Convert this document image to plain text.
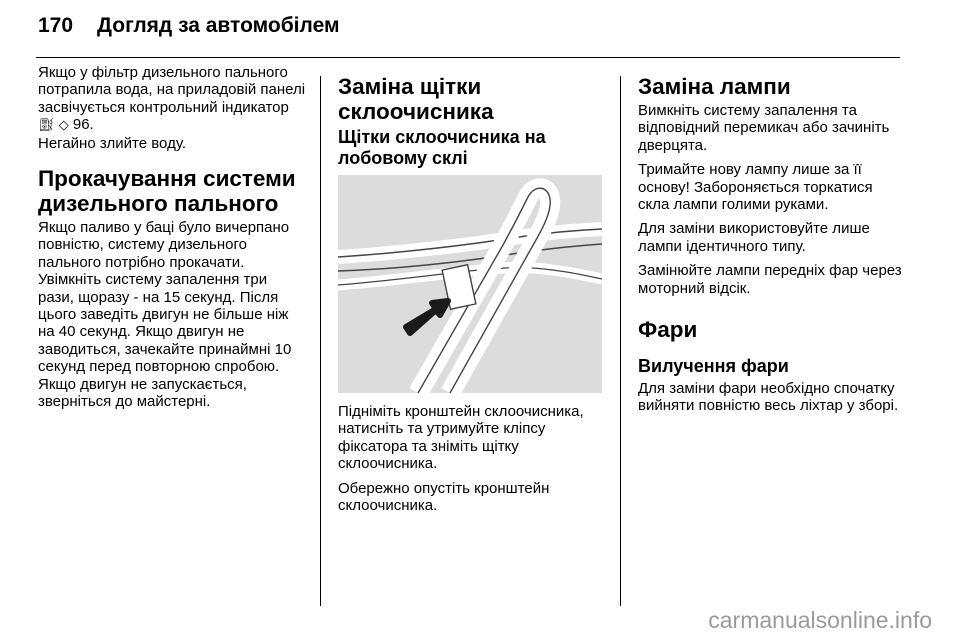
170 Догляд за автомобілем

Якщо у фільтр дизельного пального потрапила вода, на приладовій панелі засвічується контрольний індикатор ⛽︎ ◇ 96.
Негайно злийте воду.

Прокачування системи дизельного пального

Якщо паливо у баці було вичерпано повністю, систему дизельного пального потрібно прокачати. Увімкніть систему запалення три рази, щоразу - на 15 секунд. Після цього заведіть двигун не більше ніж на 40 секунд. Якщо двигун не заводиться, зачекайте принаймні 10 секунд перед повторною спробою. Якщо двигун не запускається, зверніться до майстерні.

Заміна щітки склоочисника
Щітки склоочисника на лобовому склі

Підніміть кронштейн склоочисника, натисніть та утримуйте кліпсу фіксатора та зніміть щітку склоочисника.

Обережно опустіть кронштейн склоочисника.

Заміна лампи

Вимкніть систему запалення та відповідний перемикач або зачиніть дверцята.

Тримайте нову лампу лише за її основу! Забороняється торкатися скла лампи голими руками.

Для заміни використовуйте лише лампи ідентичного типу.

Замінюйте лампи передніх фар через моторний відсік.

Фари
Вилучення фари

Для заміни фари необхідно спочатку вийняти повністю весь ліхтар у зборі.

carmanualsonline.info
